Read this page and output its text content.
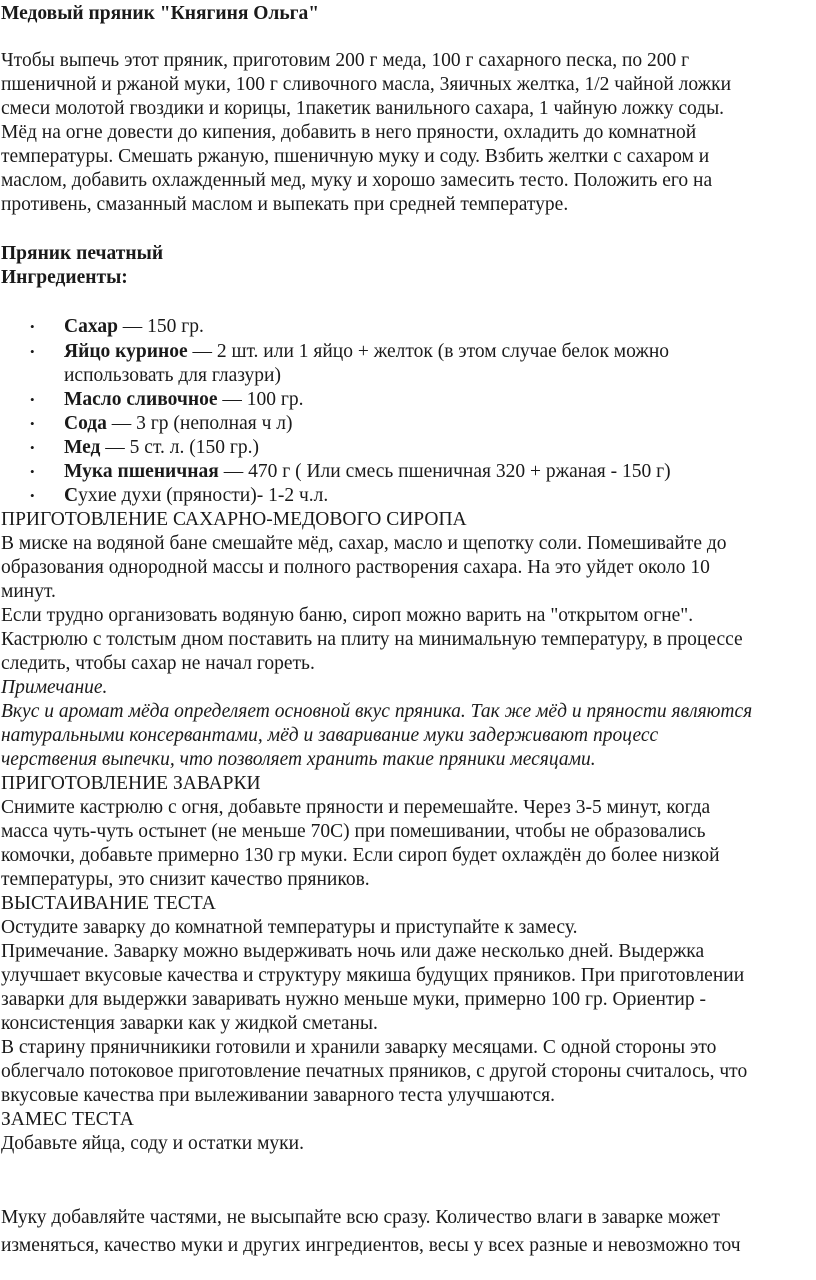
Медовый пряник "Княгиня Ольга"
Чтобы выпечь этот пряник, приготовим 200 г меда, 100 г сахарного песка, по 200 г
пшеничной и ржаной муки, 100 г сливочного масла, 3яичных желтка, 1/2 чайной ложки
смеси молотой гвоздики и корицы, 1пакетик ванильного сахара, 1 чайную ложку соды.
Мёд на огне довести до кипения, добавить в него пряности, охладить до комнатной
температуры. Смешать ржаную, пшеничную муку и соду. Взбить желтки с сахаром и
маслом, добавить охлажденный мед, муку и хорошо замесить тесто. Положить его на
противень, смазанный маслом и выпекать при средней температуре.
Пряник печатный
Ингредиенты:
• Сахар — 150 гр.
• Яйцо куриное — 2 шт. или 1 яйцо + желток (в этом случае белок можно
использовать для глазури)
• Масло сливочное — 100 гр.
• Сода — 3 гр (неполная ч л)
• Мед — 5 ст. л. (150 гр.)
• Мука пшеничная — 470 г ( Или смесь пшеничная 320 + ржаная - 150 г)
• Сухие духи (пряности)- 1-2 ч.л.
ПРИГОТОВЛЕНИЕ САХАРНО-МЕДОВОГО СИРОПА
В миске на водяной бане смешайте мёд, сахар, масло и щепотку соли. Помешивайте до
образования однородной массы и полного растворения сахара. На это уйдет около 10
минут.
Если трудно организовать водяную баню, сироп можно варить на "открытом огне".
Кастрюлю с толстым дном поставить на плиту на минимальную температуру, в процессе
следить, чтобы сахар не начал гореть.
Примечание.
Вкус и аромат мёда определяет основной вкус пряника. Так же мёд и пряности являются
натуральными консервантами, мёд и заваривание муки задерживают процесс
черствения выпечки, что позволяет хранить такие пряники месяцами.
ПРИГОТОВЛЕНИЕ ЗАВАРКИ
Снимите кастрюлю с огня, добавьте пряности и перемешайте. Через 3-5 минут, когда
масса чуть-чуть остынет (не меньше 70С) при помешивании, чтобы не образовались
комочки, добавьте примерно 130 гр муки. Если сироп будет охлаждён до более низкой
температуры, это снизит качество пряников.
ВЫСТАИВАНИЕ ТЕСТА
Остудите заварку до комнатной температуры и приступайте к замесу.
Примечание. Заварку можно выдерживать ночь или даже несколько дней. Выдержка
улучшает вкусовые качества и структуру мякиша будущих пряников. При приготовлении
заварки для выдержки заваривать нужно меньше муки, примерно 100 гр. Ориентир -
консистенция заварки как у жидкой сметаны.
В старину пряничникики готовили и хранили заварку месяцами. С одной стороны это
облегчало потоковое приготовление печатных пряников, с другой стороны считалось, что
вкусовые качества при вылеживании заварного теста улучшаются.
ЗАМЕС ТЕСТА
Добавьте яйца, соду и остатки муки.
Муку добавляйте частями, не высыпайте всю сразу. Количество влаги в заварке может
изменяться, качество муки и других ингредиентов, весы у всех разные и невозможно точ
